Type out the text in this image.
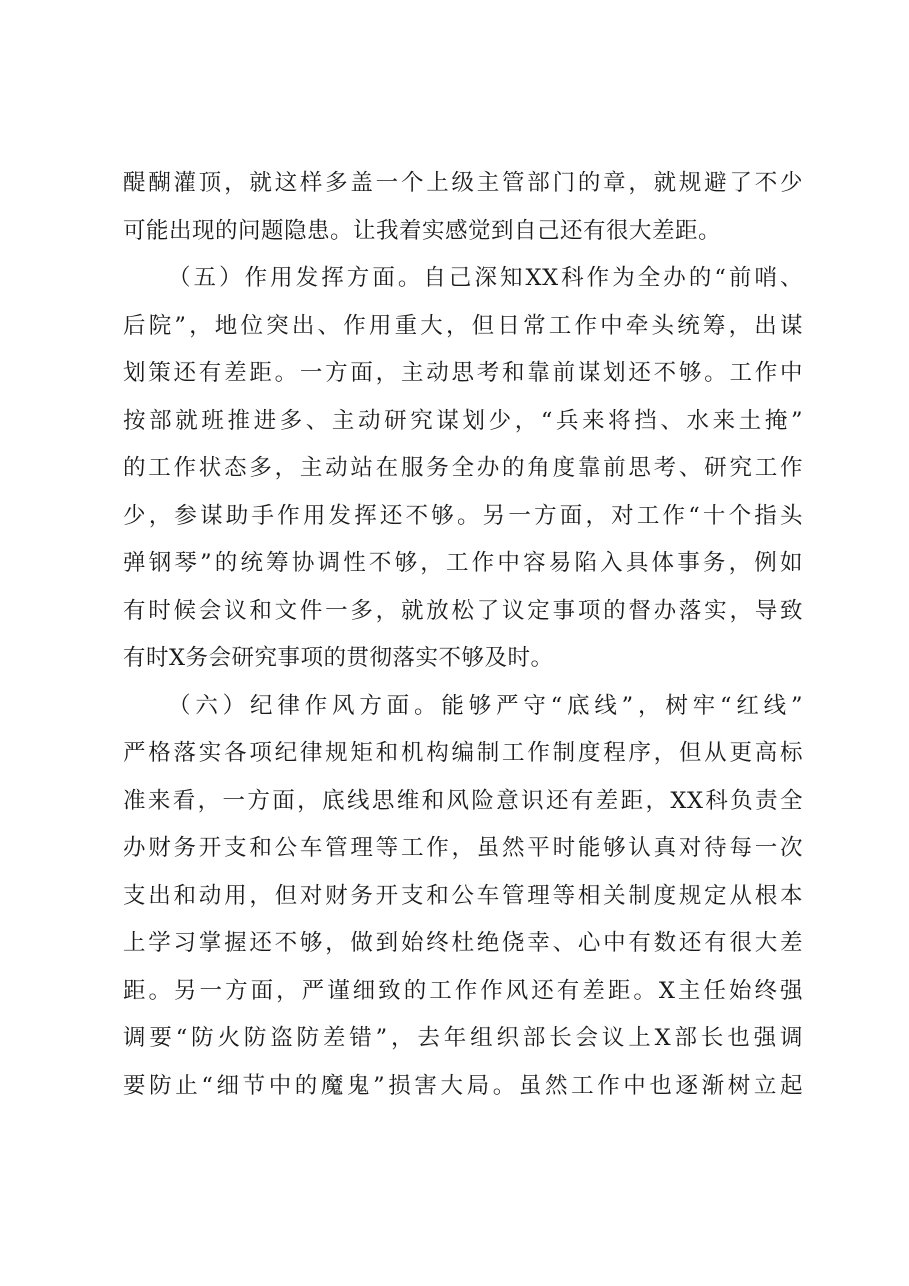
醍醐灌顶，就这样多盖一个上级主管部门的章，就规避了不少
可能出现的问题隐患。让我着实感觉到自己还有很大差距。
（五）作用发挥方面。自己深知XX科作为全办的“前哨、
后院”，地位突出、作用重大，但日常工作中牵头统筹，出谋
划策还有差距。一方面，主动思考和靠前谋划还不够。工作中
按部就班推进多、主动研究谋划少，“兵来将挡、水来土掩”
的工作状态多，主动站在服务全办的角度靠前思考、研究工作
少，参谋助手作用发挥还不够。另一方面，对工作“十个指头
弹钢琴”的统筹协调性不够，工作中容易陷入具体事务，例如
有时候会议和文件一多，就放松了议定事项的督办落实，导致
有时X务会研究事项的贯彻落实不够及时。
（六）纪律作风方面。能够严守“底线”，树牢“红线”
严格落实各项纪律规矩和机构编制工作制度程序，但从更高标
准来看，一方面，底线思维和风险意识还有差距，XX科负责全
办财务开支和公车管理等工作，虽然平时能够认真对待每一次
支出和动用，但对财务开支和公车管理等相关制度规定从根本
上学习掌握还不够，做到始终杜绝侥幸、心中有数还有很大差
距。另一方面，严谨细致的工作作风还有差距。X主任始终强
调要“防火防盗防差错”，去年组织部长会议上X部长也强调
要防止“细节中的魔鬼”损害大局。虽然工作中也逐渐树立起
